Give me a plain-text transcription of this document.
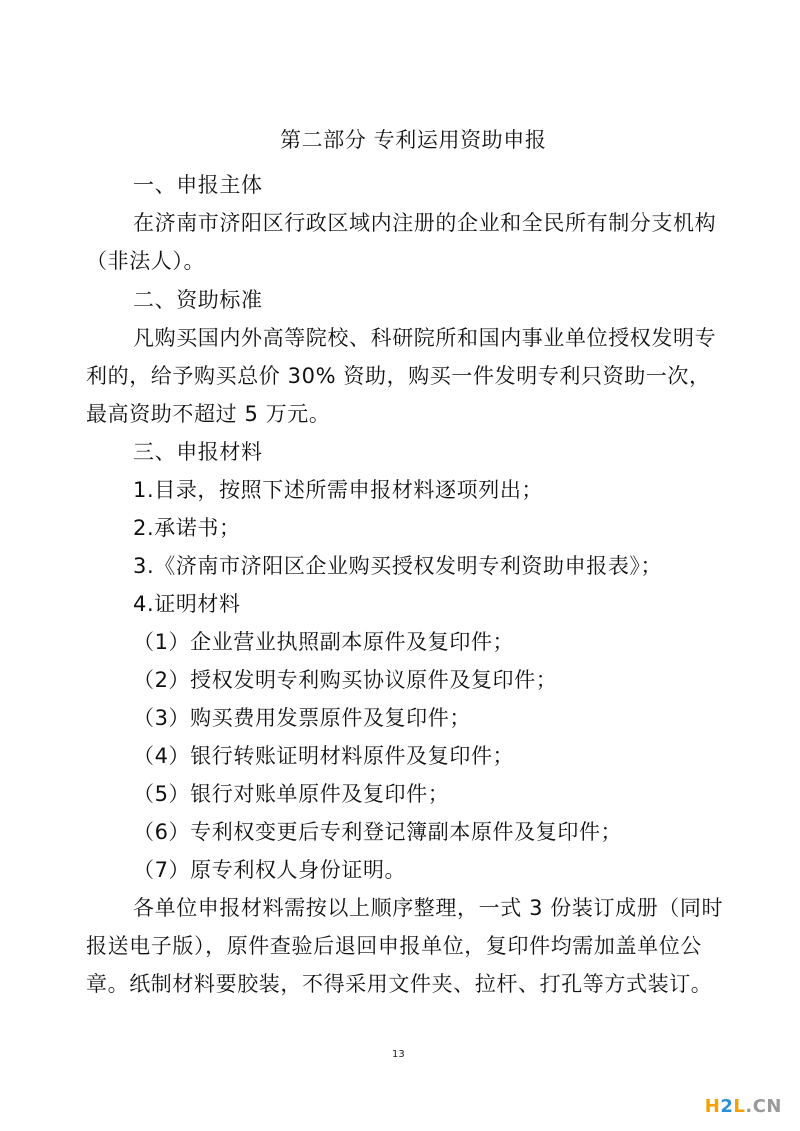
第二部分 专利运用资助申报
一、申报主体
在济南市济阳区行政区域内注册的企业和全民所有制分支机构
（非法人）。
二、资助标准
凡购买国内外高等院校、科研院所和国内事业单位授权发明专
利的，给予购买总价 30% 资助，购买一件发明专利只资助一次，
最高资助不超过 5 万元。
三、申报材料
1.目录，按照下述所需申报材料逐项列出；
2.承诺书；
3.《济南市济阳区企业购买授权发明专利资助申报表》；
4.证明材料
（1）企业营业执照副本原件及复印件；
（2）授权发明专利购买协议原件及复印件；
（3）购买费用发票原件及复印件；
（4）银行转账证明材料原件及复印件；
（5）银行对账单原件及复印件；
（6）专利权变更后专利登记簿副本原件及复印件；
（7）原专利权人身份证明。
各单位申报材料需按以上顺序整理，一式 3 份装订成册（同时
报送电子版），原件查验后退回申报单位，复印件均需加盖单位公
章。纸制材料要胶装，不得采用文件夹、拉杆、打孔等方式装订。
13
H2L.CN
